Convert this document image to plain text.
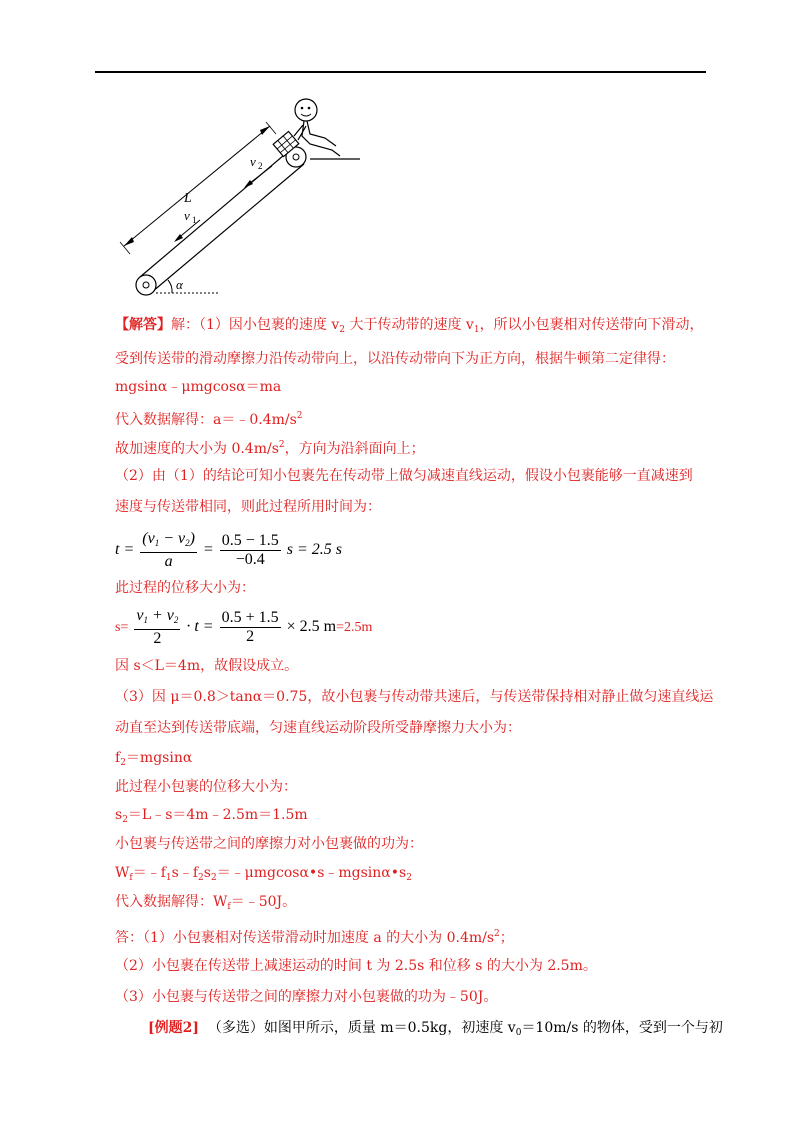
α
L
v 1
v 2
【解答】解：（1）因小包裹的速度 $v_2$ 大于传动带的速度 $v_1$，所以小包裹相对传送带向下滑动，
受到传送带的滑动摩擦力沿传动带向上，以沿传动带向下为正方向，根据牛顿第二定律得：
mgsinα﹣μmgcosα＝ma
代入数据解得：$a=﹣0.4m/s^2$
故加速度的大小为 $0.4m/s^2$，方向为沿斜面向上；
（2）由（1）的结论可知小包裹先在传动带上做匀减速直线运动，假设小包裹能够一直减速到
速度与传送带相同，则此过程所用时间为：
$t = \frac{(v_1 - v_2)}{a} = \frac{0.5 - 1.5}{-0.4}$ s = 2.5 s
此过程的位移大小为：
$s= \frac{v_1 + v_2}{2} \cdot t = \frac{0.5 + 1.5}{2} \times 2.5$ m=2.5m
因 s＜L＝4m，故假设成立。
（3）因 μ＝0.8＞tanα＝0.75，故小包裹与传动带共速后，与传送带保持相对静止做匀速直线运
动直至达到传送带底端，匀速直线运动阶段所受静摩擦力大小为：
$f_2=mgsin\alpha$
此过程小包裹的位移大小为：
$s_2=L﹣s=4m﹣2.5m=1.5m$
小包裹与传送带之间的摩擦力对小包裹做的功为：
$W_f=﹣f_1s﹣f_2s_2=﹣\mu mgcos\alpha•s﹣mgsin\alpha•s_2$
代入数据解得：$W_f=﹣50J$。
答：（1）小包裹相对传送带滑动时加速度 a 的大小为 $0.4m/s^2$；
（2）小包裹在传送带上减速运动的时间 t 为 2.5s 和位移 s 的大小为 2.5m。
（3）小包裹与传送带之间的摩擦力对小包裹做的功为﹣50J。
[例题2] （多选）如图甲所示，质量 m＝0.5kg，初速度 $v_0=10m/s$ 的物体，受到一个与初
